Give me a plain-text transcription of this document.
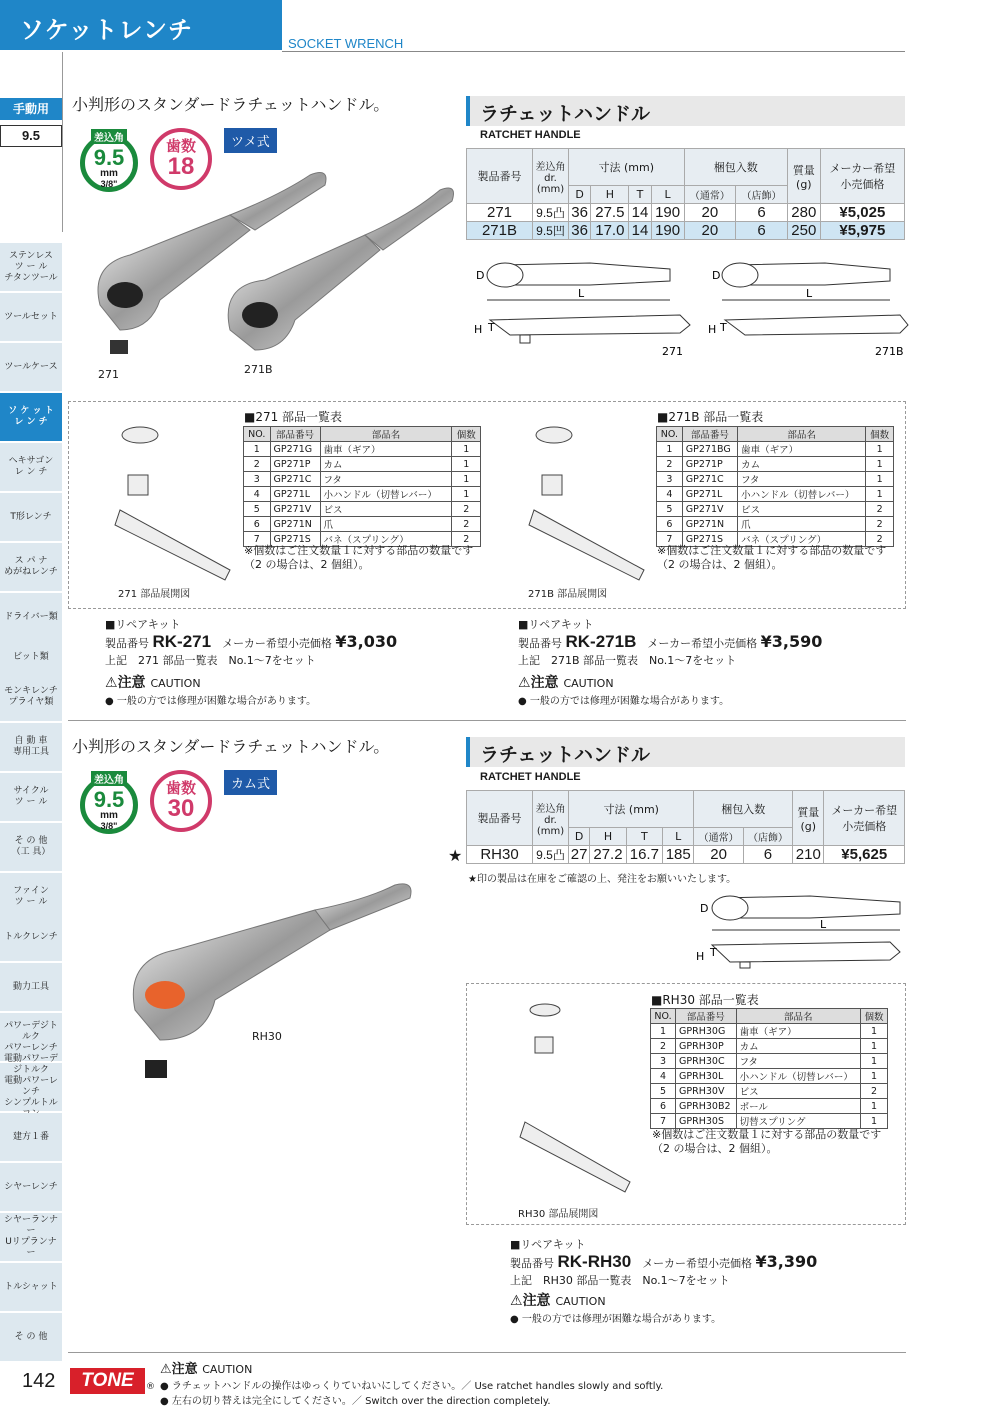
ソケットレンチ	SOCKET WRENCH
手動用
9.5
ステンレス
ツ ー ル
チタンツール
ツールセット
ツールケース
ソ ケ ッ ト
レ ン チ
ヘキサゴン
レ ン チ
T形レンチ
ス パ ナ
めがねレンチ
ドライバー類
ビット類
モンキレンチ
プライヤ類
自 動 車
専用工具
サイクル
ツ ー ル
そ の 他
（工 具）
ファイン
ツ ー ル
トルクレンチ
動力工具
パワーデジトルク
パワーレンチ
ジトルク
電動パワーレンチ
シンプルトル
建方１番
シヤーレンチ
シヤーランナー
Uリプランナー
トルシャット
そ の 他
小判形のスタンダードラチェットハンドル。
差込角
9.5
mm
3/8"
歯数
18
ツメ式
271	271B
ラチェットハンドル
RATCHET HANDLE
製品番号	差込角
dr.
(mm)	寸法 (mm)				梱包入数		質量
(g)	メーカー希望
小売価格
		D	H	T	L	（通常）	（店飾）		
271	9.5凸	36	27.5	14	190	20	6	280	¥5,025
271B	9.5凹	36	17.0	14	190	20	6	250	¥5,975
D
L
H T
D
L
H T
271	271B
271 部品展開図	271B 部品展開図
■271 部品一覧表
NO.	部品番号	部品名	個数
1	GP271G	歯車（ギア）	1
2	GP271P	カム	1
3	GP271C	フタ	1
4	GP271L	小ハンドル（切替レバー）	1
5	GP271V	ビス	2
6	GP271N	爪	2
7	GP271S	バネ（スプリング）	2
※個数はご注文数量１に対する部品の数量です
（2 の場合は、2 個組）。
■271B 部品一覧表
NO.	部品番号	部品名	個数
1	GP271BG	歯車（ギア）	1
2	GP271P	カム	1
3	GP271C	フタ	1
4	GP271L	小ハンドル（切替レバー）	1
5	GP271V	ビス	2
6	GP271N	爪	2
7	GP271S	バネ（スプリング）	2
※個数はご注文数量１に対する部品の数量です
（2 の場合は、2 個組）。
■リペアキット
製品番号 RK-271　 メーカー希望小売価格 ¥3,030
上記　271 部品一覧表　No.1〜7をセット
■リペアキット
製品番号 RK-271B　 メーカー希望小売価格 ¥3,590
上記　271B 部品一覧表　No.1〜7をセット
⚠注意 CAUTION
● 一般の方では修理が困難な場合があります。
⚠注意 CAUTION
● 一般の方では修理が困難な場合があります。
小判形のスタンダードラチェットハンドル。
差込角
9.5
mm
3/8"
歯数
30
カム式
RH30
ラチェットハンドル
RATCHET HANDLE
★
製品番号	差込角
dr.
(mm)	寸法 (mm)				梱包入数		質量
(g)	メーカー希望
小売価格
		D	H	T	L	（通常）	（店飾）		
RH30	9.5凸	27	27.2	16.7	185	20	6	210	¥5,625
★印の製品は在庫をご確認の上、発注をお願いいたします。
D
L
H T
RH30 部品展開図
■RH30 部品一覧表
NO.	部品番号	部品名	個数
1	GPRH30G	歯車（ギア）	1
2	GPRH30P	カム	1
3	GPRH30C	フタ	1
4	GPRH30L	小ハンドル（切替レバー）	1
5	GPRH30V	ビス	2
6	GPRH30B2	ボール	1
7	GPRH30S	切替スプリング	1
※個数はご注文数量１に対する部品の数量です
（2 の場合は、2 個組）。
■リペアキット
製品番号 RK-RH30　 メーカー希望小売価格 ¥3,390
上記　RH30 部品一覧表　No.1〜7をセット
⚠注意 CAUTION
● 一般の方では修理が困難な場合があります。
142	TONE	®
⚠注意 CAUTION
● ラチェットハンドルの操作はゆっくりていねいにしてください。／ Use ratchet handles slowly and softly.
● 左右の切り替えは完全にしてください。／ Switch over the direction completely.
